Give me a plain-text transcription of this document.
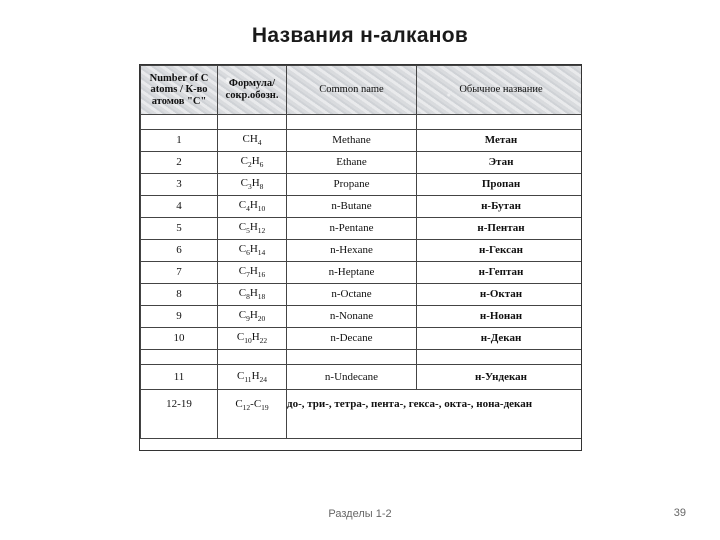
Названия н-алканов
Number of C atoms / К-во атомов "С"	Формула/ сокр.обозн.	Common name	Обычное название

1	$CH_4$	Methane	Метан
2	$C_2H_6$	Ethane	Этан
3	$C_3H_8$	Propane	Пропан
4	$C_4H_{10}$	n-Butane	н-Бутан
5	$C_5H_{12}$	n-Pentane	н-Пентан
6	$C_6H_{14}$	n-Hexane	н-Гексан
7	$C_7H_{16}$	n-Heptane	н-Гептан
8	$C_8H_{18}$	n-Octane	н-Октан
9	$C_9H_{20}$	n-Nonane	н-Нонан
10	$C_{10}H_{22}$	n-Decane	н-Декан

11	$C_{11}H_{24}$	n-Undecane	н-Ундекан
12-19	$C_{12}-C_{19}$	до-, три-, тетра-, пента-, гекса-, окта-, нона-декан	
Разделы 1-2	39
